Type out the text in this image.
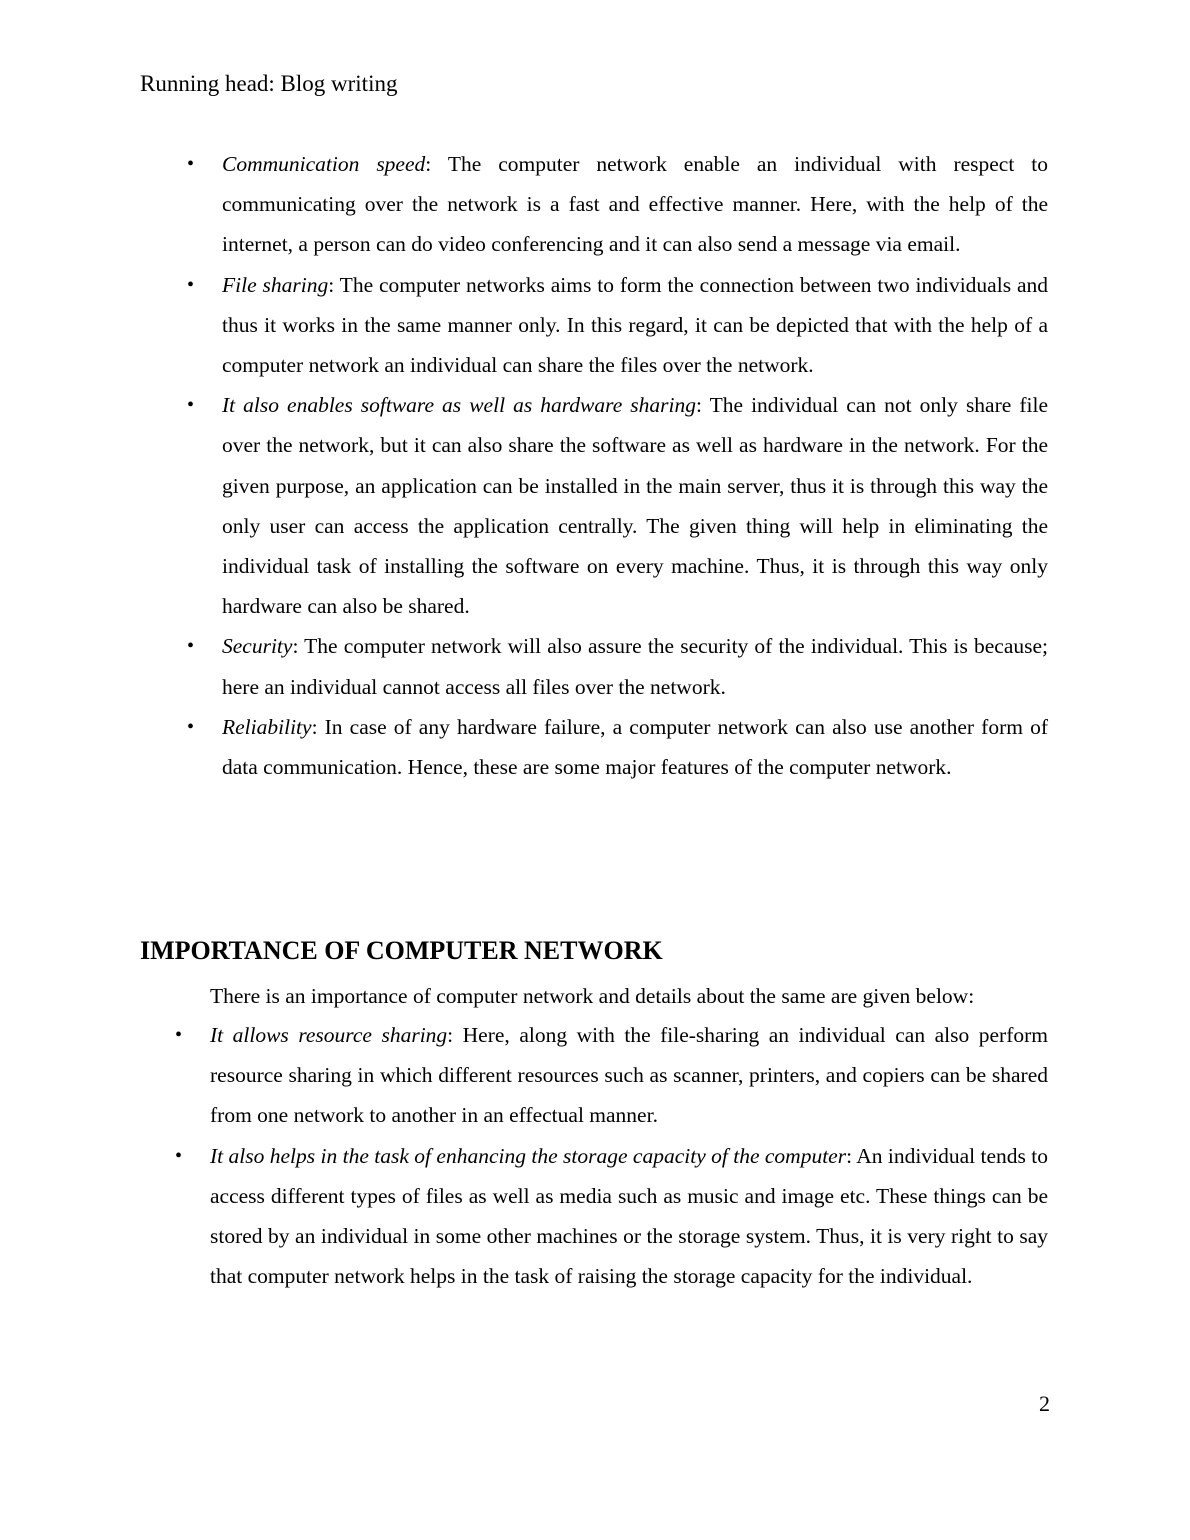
Running head: Blog writing
• Communication speed: The computer network enable an individual with respect to communicating over the network is a fast and effective manner. Here, with the help of the internet, a person can do video conferencing and it can also send a message via email.
• File sharing: The computer networks aims to form the connection between two individuals and thus it works in the same manner only. In this regard, it can be depicted that with the help of a computer network an individual can share the files over the network.
• It also enables software as well as hardware sharing: The individual can not only share file over the network, but it can also share the software as well as hardware in the network. For the given purpose, an application can be installed in the main server, thus it is through this way the only user can access the application centrally. The given thing will help in eliminating the individual task of installing the software on every machine. Thus, it is through this way only hardware can also be shared.
• Security: The computer network will also assure the security of the individual. This is because; here an individual cannot access all files over the network.
• Reliability: In case of any hardware failure, a computer network can also use another form of data communication. Hence, these are some major features of the computer network.
IMPORTANCE OF COMPUTER NETWORK

There is an importance of computer network and details about the same are given below:

• It allows resource sharing: Here, along with the file-sharing an individual can also perform resource sharing in which different resources such as scanner, printers, and copiers can be shared from one network to another in an effectual manner.
• It also helps in the task of enhancing the storage capacity of the computer: An individual tends to access different types of files as well as media such as music and image etc. These things can be stored by an individual in some other machines or the storage system. Thus, it is very right to say that computer network helps in the task of raising the storage capacity for the individual.
2
